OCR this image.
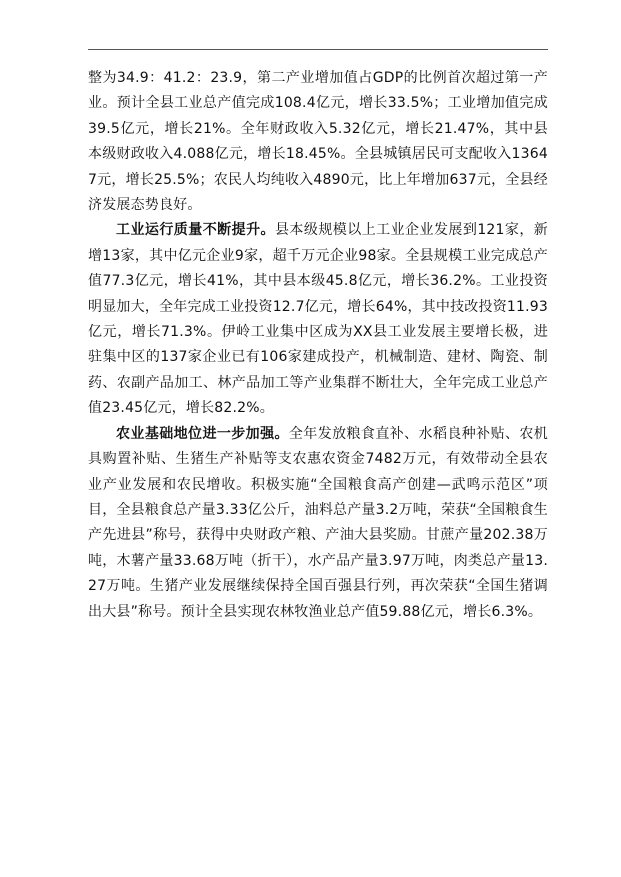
整为34.9：41.2：23.9，第二产业增加值占GDP的比例首次超过第一产业。预计全县工业总产值完成108.4亿元，增长33.5%；工业增加值完成39.5亿元，增长21%。全年财政收入5.32亿元，增长21.47%，其中县本级财政收入4.088亿元，增长18.45%。全县城镇居民可支配收入13647元，增长25.5%；农民人均纯收入4890元，比上年增加637元，全县经济发展态势良好。

工业运行质量不断提升。县本级规模以上工业企业发展到121家，新增13家，其中亿元企业9家，超千万元企业98家。全县规模工业完成总产值77.3亿元，增长41%，其中县本级45.8亿元，增长36.2%。工业投资明显加大，全年完成工业投资12.7亿元，增长64%，其中技改投资11.93亿元，增长71.3%。伊岭工业集中区成为XX县工业发展主要增长极，进驻集中区的137家企业已有106家建成投产，机械制造、建材、陶瓷、制药、农副产品加工、林产品加工等产业集群不断壮大，全年完成工业总产值23.45亿元，增长82.2%。

农业基础地位进一步加强。全年发放粮食直补、水稻良种补贴、农机具购置补贴、生猪生产补贴等支农惠农资金7482万元，有效带动全县农业产业发展和农民增收。积极实施“全国粮食高产创建—武鸣示范区”项目，全县粮食总产量3.33亿公斤，油料总产量3.2万吨，荣获“全国粮食生产先进县”称号，获得中央财政产粮、产油大县奖励。甘蔗产量202.38万吨，木薯产量33.68万吨（折干），水产品产量3.97万吨，肉类总产量13.27万吨。生猪产业发展继续保持全国百强县行列，再次荣获“全国生猪调出大县”称号。预计全县实现农林牧渔业总产值59.88亿元，增长6.3%。
